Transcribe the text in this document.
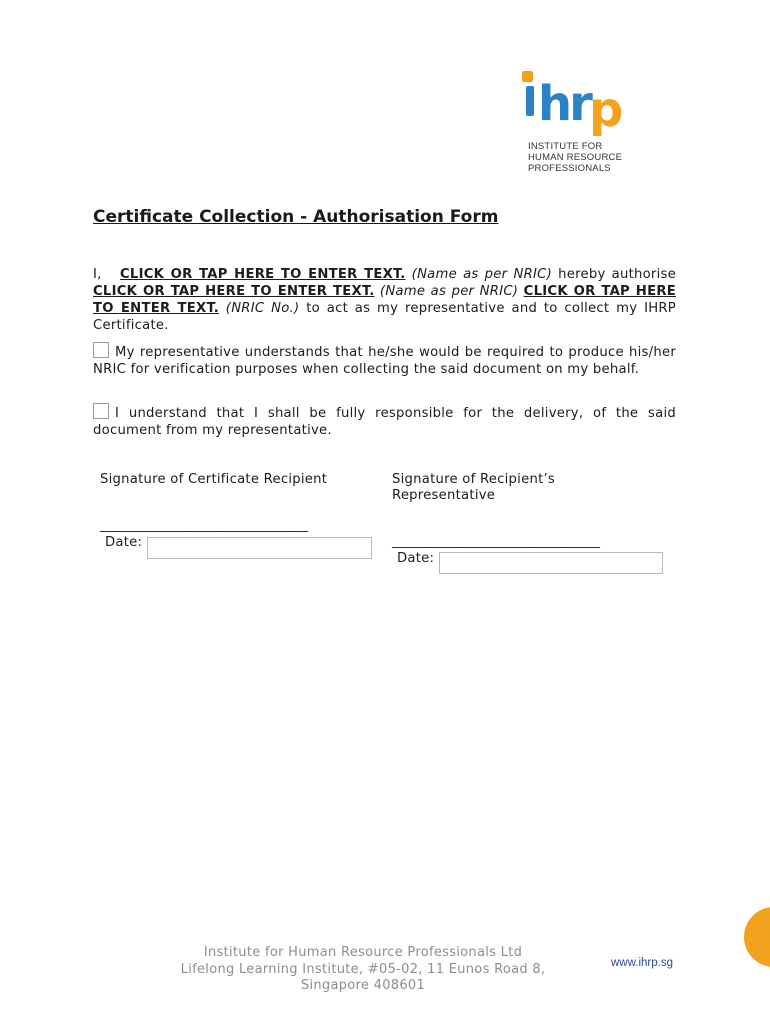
hr p
INSTITUTE FOR
HUMAN RESOURCE
PROFESSIONALS
Certificate Collection - Authorisation Form
I, CLICK OR TAP HERE TO ENTER TEXT. (Name as per NRIC) hereby authorise CLICK OR TAP HERE TO ENTER TEXT. (Name as per NRIC) CLICK OR TAP HERE TO ENTER TEXT. (NRIC No.) to act as my representative and to collect my IHRP Certificate.
My representative understands that he/she would be required to produce his/her NRIC for verification purposes when collecting the said document on my behalf.
I understand that I shall be fully responsible for the delivery, of the said document from my representative.
Signature of Certificate Recipient	Signature of Recipient’s Representative
________________________________
________________________________
Date:
Date:
Institute for Human Resource Professionals Ltd
Lifelong Learning Institute, #05-02, 11 Eunos Road 8,
Singapore 408601
www.ihrp.sg
